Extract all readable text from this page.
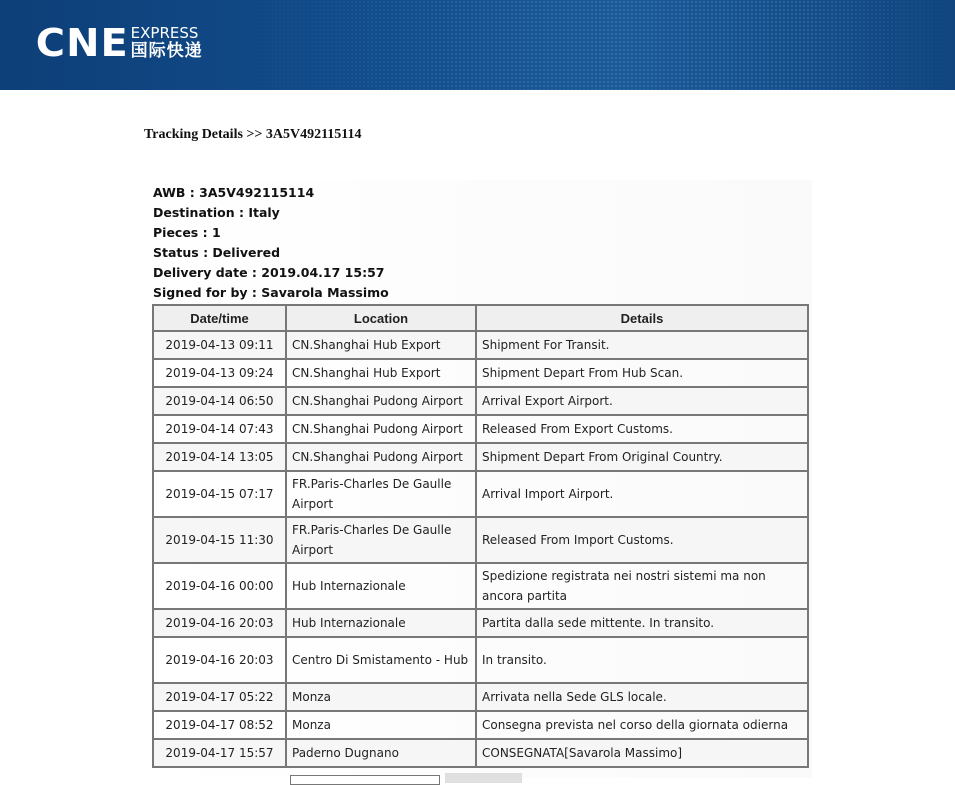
CNE EXPRESS
国际快递
Tracking Details >> 3A5V492115114
AWB : 3A5V492115114
Destination : Italy
Pieces : 1
Status : Delivered
Delivery date : 2019.04.17 15:57
Signed for by : Savarola Massimo
Date/time	Location	Details
2019-04-13 09:11	CN.Shanghai Hub Export	Shipment For Transit.
2019-04-13 09:24	CN.Shanghai Hub Export	Shipment Depart From Hub Scan.
2019-04-14 06:50	CN.Shanghai Pudong Airport	Arrival Export Airport.
2019-04-14 07:43	CN.Shanghai Pudong Airport	Released From Export Customs.
2019-04-14 13:05	CN.Shanghai Pudong Airport	Shipment Depart From Original Country.
2019-04-15 07:17	FR.Paris-Charles De Gaulle Airport	Arrival Import Airport.
2019-04-15 11:30	FR.Paris-Charles De Gaulle Airport	Released From Import Customs.
2019-04-16 00:00	Hub Internazionale	Spedizione registrata nei nostri sistemi ma non ancora partita
2019-04-16 20:03	Hub Internazionale	Partita dalla sede mittente. In transito.
2019-04-16 20:03	Centro Di Smistamento - Hub	In transito.
2019-04-17 05:22	Monza	Arrivata nella Sede GLS locale.
2019-04-17 08:52	Monza	Consegna prevista nel corso della giornata odierna
2019-04-17 15:57	Paderno Dugnano	CONSEGNATA[Savarola Massimo]
